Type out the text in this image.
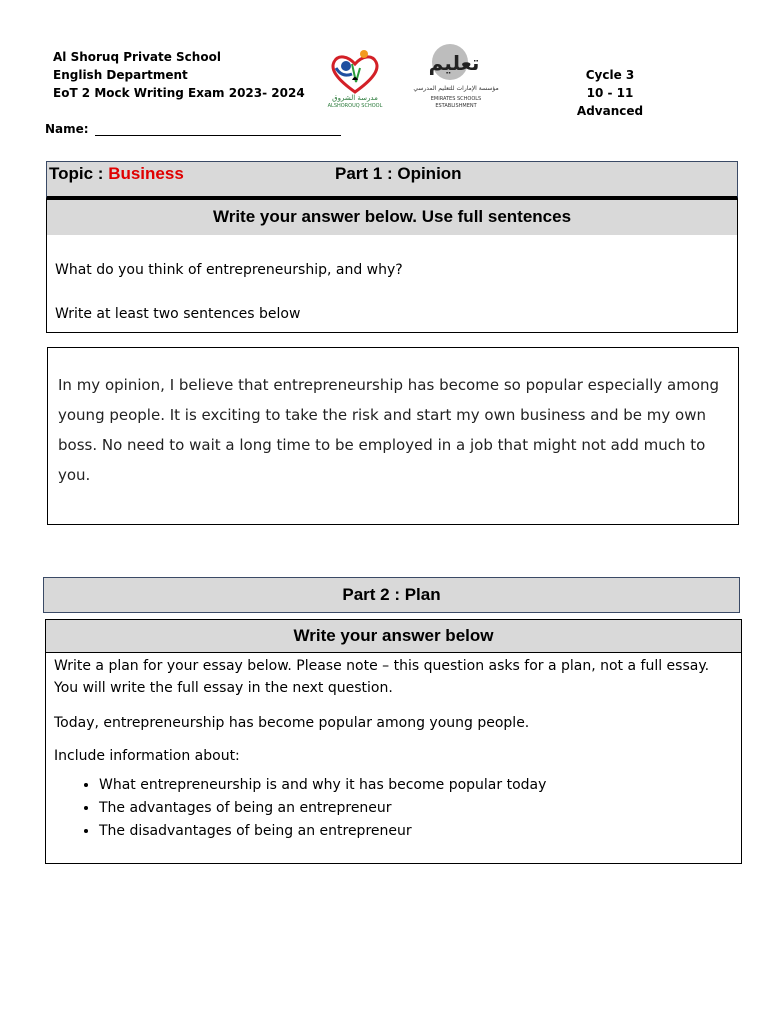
Al Shoruq Private School
English Department
EoT 2 Mock Writing Exam 2023- 2024	مدرسة الشروق
ALSHOROUQ SCHOOL
تعليم
مؤسسة الإمارات للتعليم المدرسي
EMIRATES SCHOOLS
ESTABLISHMENT
Cycle 3
10 - 11 Advanced
Name:
Topic : Business	Part 1 : Opinion
Write your answer below. Use full sentences
What do you think of entrepreneurship, and why?
Write at least two sentences below
In my opinion, I believe that entrepreneurship has become so popular especially among young people. It is exciting to take the risk and start my own business and be my own boss. No need to wait a long time to be employed in a job that might not add much to you.
Part 2 : Plan
Write your answer below
Write a plan for your essay below. Please note – this question asks for a plan, not a full essay. You will write the full essay in the next question.
Today, entrepreneurship has become popular among young people.
Include information about:
• What entrepreneurship is and why it has become popular today
• The advantages of being an entrepreneur
• The disadvantages of being an entrepreneur
